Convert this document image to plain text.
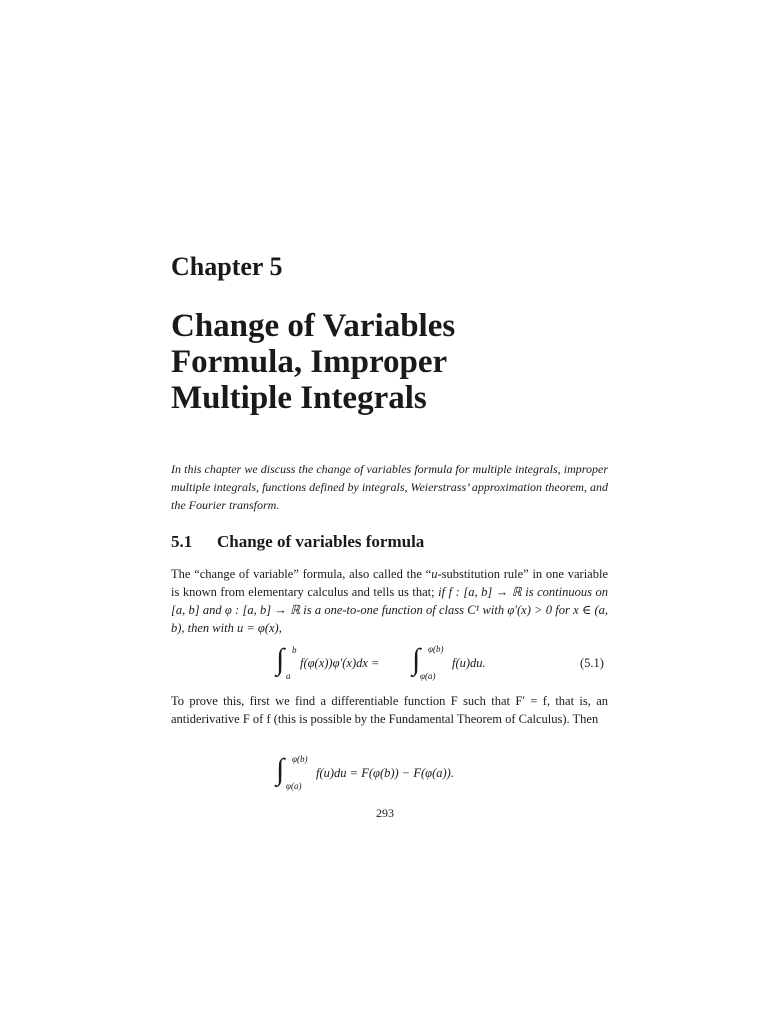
Chapter 5
Change of Variables
Formula, Improper
Multiple Integrals
In this chapter we discuss the change of variables formula for multiple integrals, improper multiple integrals, functions defined by integrals, Weierstrass’ approximation theorem, and the Fourier transform.
5.1 Change of variables formula
The “change of variable” formula, also called the “u-substitution rule” in one variable is known from elementary calculus and tells us that; if f : [a, b] → ℝ is continuous on [a, b] and φ : [a, b] → ℝ is a one-to-one function of class C¹ with φ′(x) > 0 for x ∈ (a, b), then with u = φ(x),
∫ b
a
f(φ(x))φ′(x)dx = ∫ φ(b)
φ(a)
f(u)du.	(5.1)
To prove this, first we find a differentiable function F such that F′ = f, that is, an antiderivative F of f (this is possible by the Fundamental Theorem of Calculus). Then
∫ φ(b)
φ(a)
f(u)du = F(φ(b)) − F(φ(a)).
293
